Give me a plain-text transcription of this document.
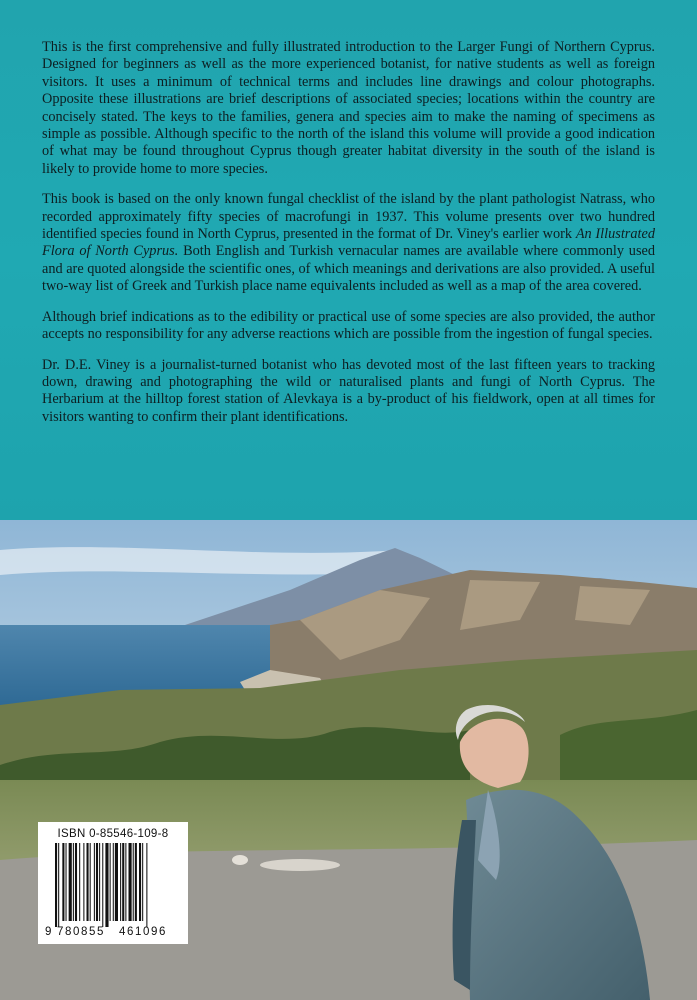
This is the first comprehensive and fully illustrated introduction to the Larger Fungi of Northern Cyprus. Designed for beginners as well as the more experienced botanist, for native students as well as foreign visitors. It uses a minimum of technical terms and includes line drawings and colour photographs. Opposite these illustrations are brief descriptions of associated species; locations within the country are concisely stated. The keys to the families, genera and species aim to make the naming of specimens as simple as possible. Although specific to the north of the island this volume will provide a good indication of what may be found throughout Cyprus though greater habitat diversity in the south of the island is likely to provide home to more species.

This book is based on the only known fungal checklist of the island by the plant pathologist Natrass, who recorded approximately fifty species of macrofungi in 1937. This volume presents over two hundred identified species found in North Cyprus, presented in the format of Dr. Viney's earlier work An Illustrated Flora of North Cyprus. Both English and Turkish vernacular names are available where commonly used and are quoted alongside the scientific ones, of which meanings and derivations are also provided. A useful two-way list of Greek and Turkish place name equivalents included as well as a map of the area covered.

Although brief indications as to the edibility or practical use of some species are also provided, the author accepts no responsibility for any adverse reactions which are possible from the ingestion of fungal species.

Dr. D.E. Viney is a journalist-turned botanist who has devoted most of the last fifteen years to tracking down, drawing and photographing the wild or naturalised plants and fungi of North Cyprus. The Herbarium at the hilltop forest station of Alevkaya is a by-product of his fieldwork, open at all times for visitors wanting to confirm their plant identifications.

ISBN 0-85546-109-8
9 780855 461096
